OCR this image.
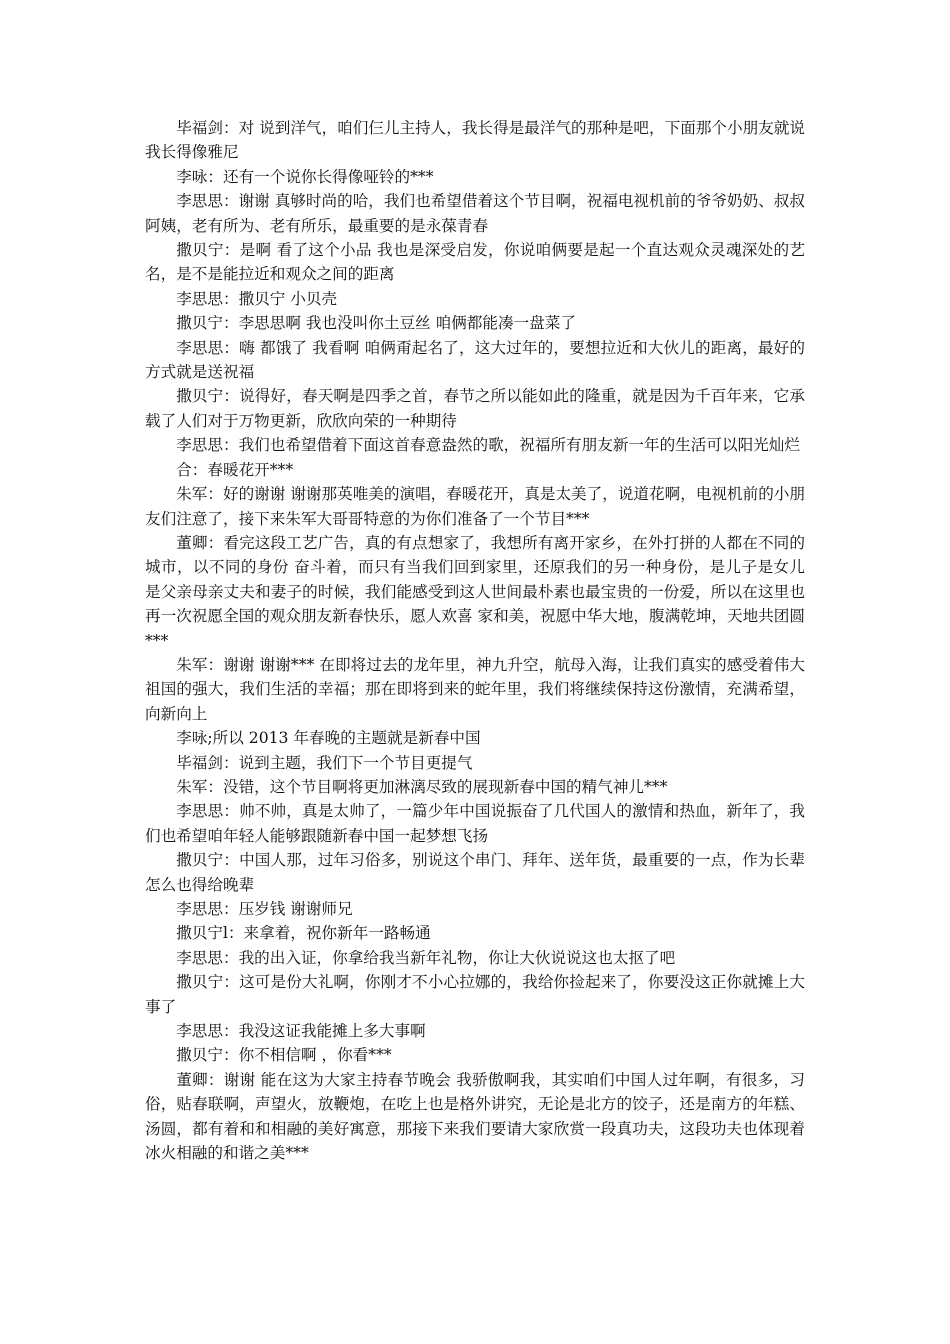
毕福剑：对 说到洋气，咱们仨儿主持人，我长得是最洋气的那种是吧，下面那个小朋友就说我长得像雅尼

李咏：还有一个说你长得像哑铃的***

李思思：谢谢 真够时尚的哈，我们也希望借着这个节目啊，祝福电视机前的爷爷奶奶、叔叔阿姨，老有所为、老有所乐，最重要的是永葆青春

撒贝宁：是啊 看了这个小品 我也是深受启发，你说咱俩要是起一个直达观众灵魂深处的艺名，是不是能拉近和观众之间的距离

李思思：撒贝宁 小贝壳

撒贝宁：李思思啊 我也没叫你土豆丝 咱俩都能凑一盘菜了

李思思：嗨 都饿了 我看啊 咱俩甭起名了，这大过年的，要想拉近和大伙儿的距离，最好的方式就是送祝福

撒贝宁：说得好，春天啊是四季之首，春节之所以能如此的隆重，就是因为千百年来，它承载了人们对于万物更新，欣欣向荣的一种期待

李思思：我们也希望借着下面这首春意盎然的歌，祝福所有朋友新一年的生活可以阳光灿烂

合：春暖花开***

朱军：好的谢谢 谢谢那英唯美的演唱，春暖花开，真是太美了，说道花啊，电视机前的小朋友们注意了，接下来朱军大哥哥特意的为你们准备了一个节目***

董卿：看完这段工艺广告，真的有点想家了，我想所有离开家乡，在外打拼的人都在不同的城市，以不同的身份 奋斗着，而只有当我们回到家里，还原我们的另一种身份，是儿子是女儿 是父亲母亲丈夫和妻子的时候，我们能感受到这人世间最朴素也最宝贵的一份爱，所以在这里也再一次祝愿全国的观众朋友新春快乐，愿人欢喜 家和美，祝愿中华大地，腹满乾坤，天地共团圆***

朱军：谢谢 谢谢*** 在即将过去的龙年里，神九升空，航母入海，让我们真实的感受着伟大祖国的强大，我们生活的幸福；那在即将到来的蛇年里，我们将继续保持这份激情，充满希望，向新向上

李咏;所以 2013 年春晚的主题就是新春中国

毕福剑：说到主题，我们下一个节目更提气

朱军：没错，这个节目啊将更加淋漓尽致的展现新春中国的精气神儿***

李思思：帅不帅，真是太帅了，一篇少年中国说振奋了几代国人的激情和热血，新年了，我们也希望咱年轻人能够跟随新春中国一起梦想飞扬

撒贝宁：中国人那，过年习俗多，别说这个串门、拜年、送年货，最重要的一点，作为长辈怎么也得给晚辈

李思思：压岁钱 谢谢师兄

撒贝宁l：来拿着，祝你新年一路畅通

李思思：我的出入证，你拿给我当新年礼物，你让大伙说说这也太抠了吧

撒贝宁：这可是份大礼啊，你刚才不小心拉娜的，我给你捡起来了，你要没这正你就摊上大事了

李思思：我没这证我能摊上多大事啊

撒贝宁：你不相信啊 ，你看***

董卿：谢谢 能在这为大家主持春节晚会 我骄傲啊我，其实咱们中国人过年啊，有很多，习俗，贴春联啊，声望火，放鞭炮，在吃上也是格外讲究，无论是北方的饺子，还是南方的年糕、汤圆，都有着和和相融的美好寓意，那接下来我们要请大家欣赏一段真功夫，这段功夫也体现着冰火相融的和谐之美***
